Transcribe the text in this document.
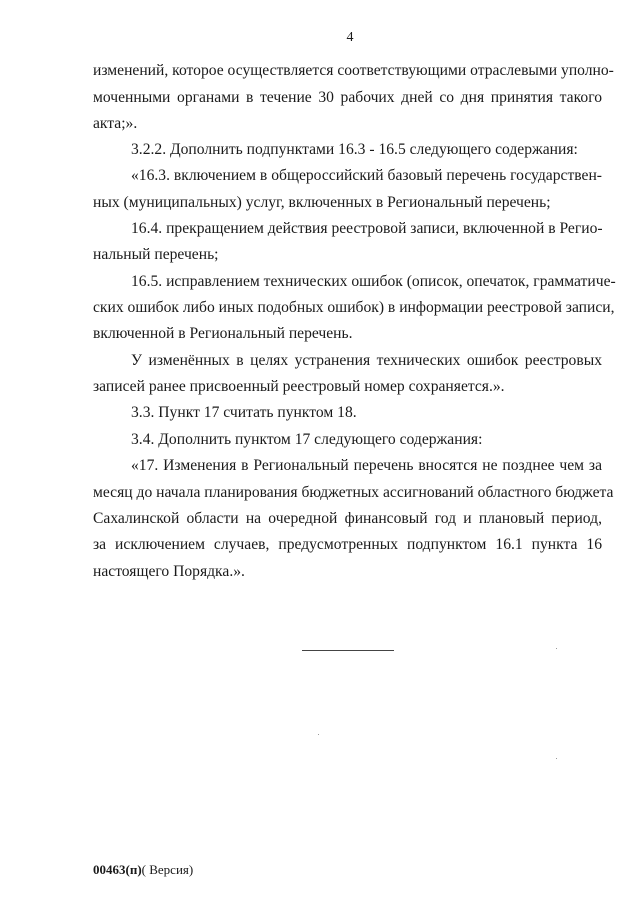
4
изменений, которое осуществляется соответствующими отраслевыми уполно-
моченными органами в течение 30 рабочих дней со дня принятия такого
акта;».
3.2.2. Дополнить подпунктами 16.3 - 16.5 следующего содержания:
«16.3. включением в общероссийский базовый перечень государствен-
ных (муниципальных) услуг, включенных в Региональный перечень;
16.4. прекращением действия реестровой записи, включенной в Регио-
нальный перечень;
16.5. исправлением технических ошибок (описок, опечаток, грамматиче-
ских ошибок либо иных подобных ошибок) в информации реестровой записи,
включенной в Региональный перечень.
У изменённых в целях устранения технических ошибок реестровых
записей ранее присвоенный реестровый номер сохраняется.».
3.3. Пункт 17 считать пунктом 18.
3.4. Дополнить пунктом 17 следующего содержания:
«17. Изменения в Региональный перечень вносятся не позднее чем за
месяц до начала планирования бюджетных ассигнований областного бюджета
Сахалинской области на очередной финансовый год и плановый период,
за исключением случаев, предусмотренных подпунктом 16.1 пункта 16
настоящего Порядка.».
00463(п)( Версия)
